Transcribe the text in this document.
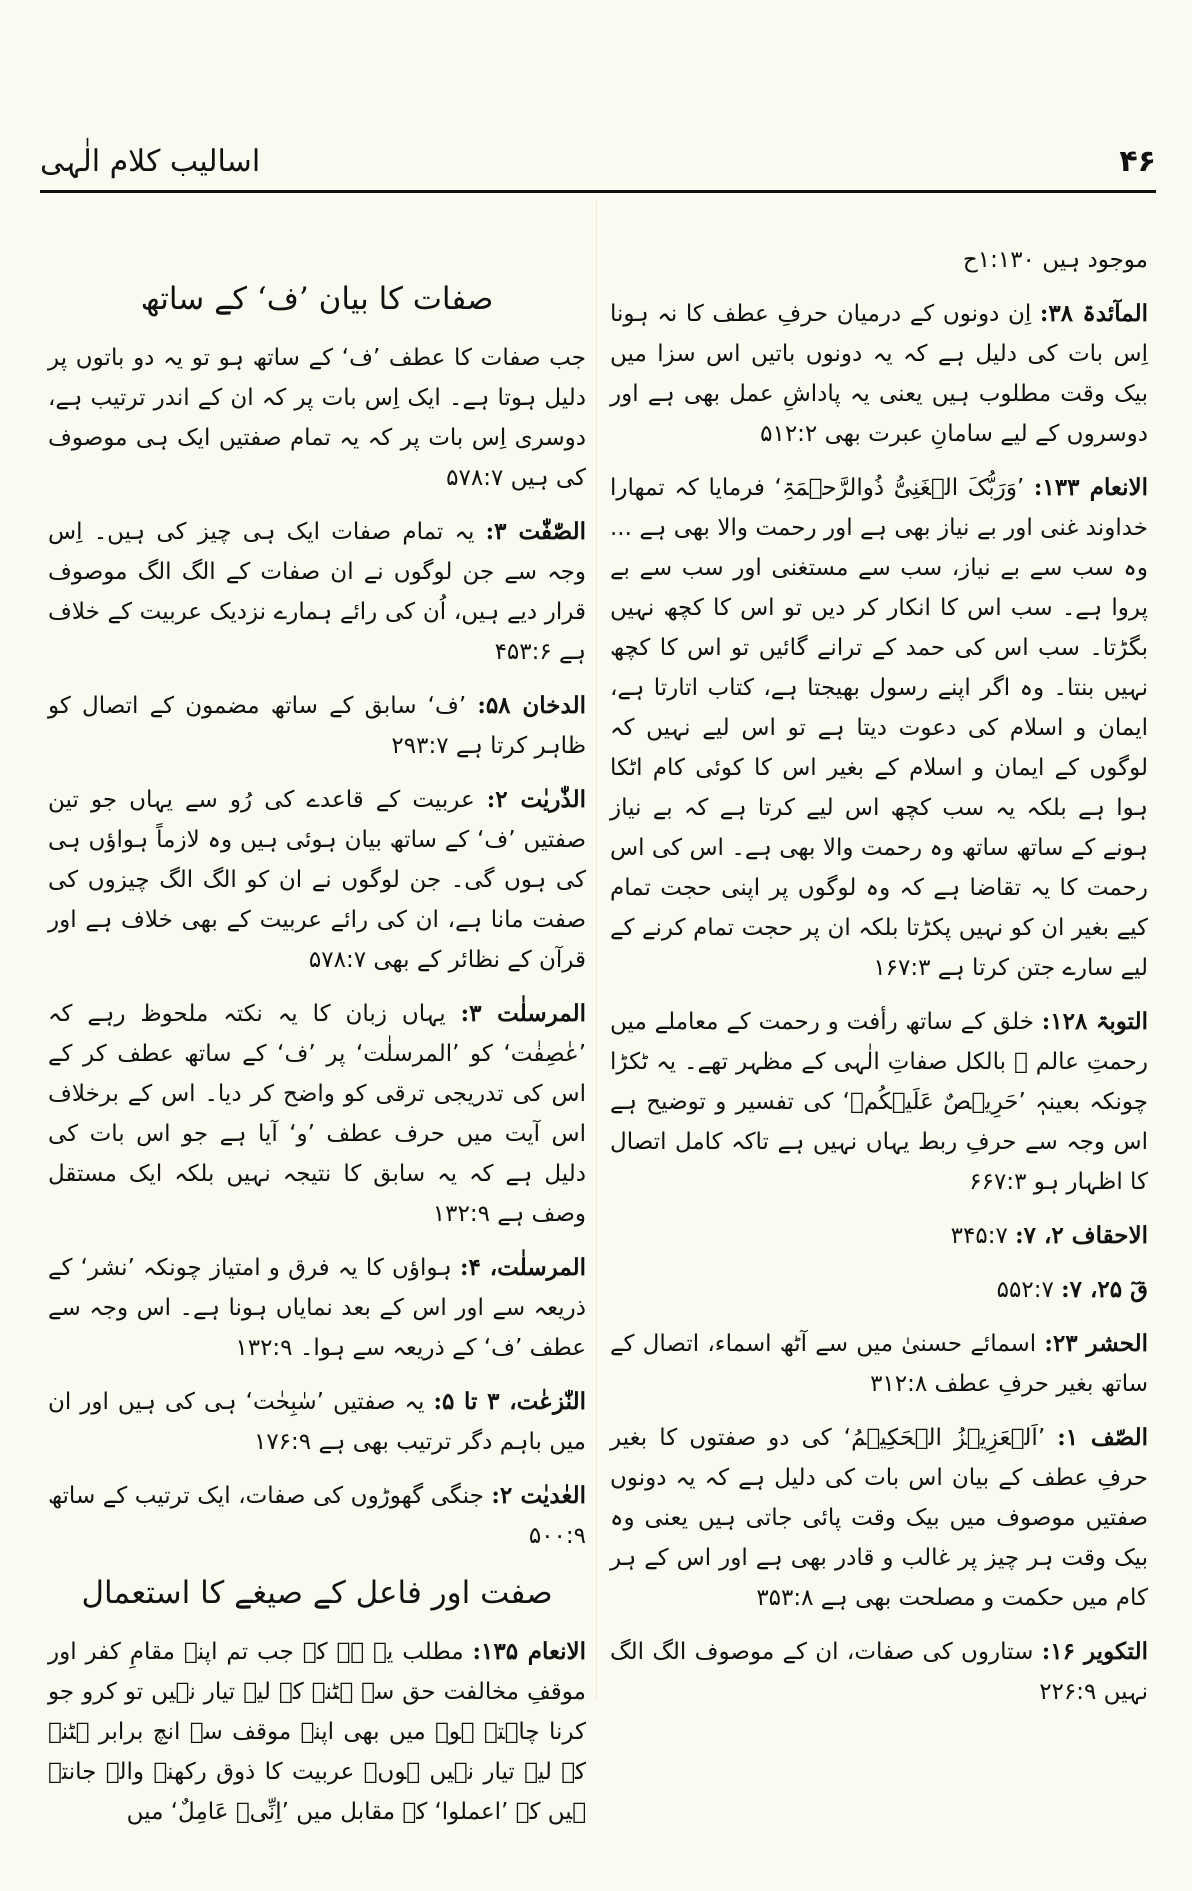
اسالیب کلام الٰہی	۴۶

موجود ہیں ۱:۱۳۰ح

المآئدۃ ۳۸: اِن دونوں کے درمیان حرفِ عطف کا نہ ہونا اِس بات کی دلیل ہے کہ یہ دونوں باتیں اس سزا میں بیک وقت مطلوب ہیں یعنی یہ پاداشِ عمل بھی ہے اور دوسروں کے لیے سامانِ عبرت بھی ۵۱۲:۲

الانعام ۱۳۳: ’وَرَبُّکَ الۡغَنِیُّ ذُوالرَّحۡمَۃِ‘ فرمایا کہ تمھارا خداوند غنی اور بے نیاز بھی ہے اور رحمت والا بھی ہے ... وہ سب سے بے نیاز، سب سے مستغنی اور سب سے بے پروا ہے۔ سب اس کا انکار کر دیں تو اس کا کچھ نہیں بگڑتا۔ سب اس کی حمد کے ترانے گائیں تو اس کا کچھ نہیں بنتا۔ وہ اگر اپنے رسول بھیجتا ہے، کتاب اتارتا ہے، ایمان و اسلام کی دعوت دیتا ہے تو اس لیے نہیں کہ لوگوں کے ایمان و اسلام کے بغیر اس کا کوئی کام اٹکا ہوا ہے بلکہ یہ سب کچھ اس لیے کرتا ہے کہ بے نیاز ہونے کے ساتھ ساتھ وہ رحمت والا بھی ہے۔ اس کی اس رحمت کا یہ تقاضا ہے کہ وہ لوگوں پر اپنی حجت تمام کیے بغیر ان کو نہیں پکڑتا بلکہ ان پر حجت تمام کرنے کے لیے سارے جتن کرتا ہے ۱۶۷:۳

التوبۃ ۱۲۸: خلق کے ساتھ رأفت و رحمت کے معاملے میں رحمتِ عالم ﷺ بالکل صفاتِ الٰہی کے مظہر تھے۔ یہ ٹکڑا چونکہ بعینہٖ ’حَرِیۡصٌ عَلَیۡکُمۡ‘ کی تفسیر و توضیح ہے اس وجہ سے حرفِ ربط یہاں نہیں ہے تاکہ کامل اتصال کا اظہار ہو ۶۶۷:۳

الاحقاف ۲، ۷: ۳۴۵:۷

قٓ ۲۵، ۷: ۵۵۲:۷

الحشر ۲۳: اسمائے حسنیٰ میں سے آٹھ اسماء، اتصال کے ساتھ بغیر حرفِ عطف ۳۱۲:۸

الصّف ۱: ’اَلۡعَزِیۡزُ الۡحَکِیۡمُ‘ کی دو صفتوں کا بغیر حرفِ عطف کے بیان اس بات کی دلیل ہے کہ یہ دونوں صفتیں موصوف میں بیک وقت پائی جاتی ہیں یعنی وہ بیک وقت ہر چیز پر غالب و قادر بھی ہے اور اس کے ہر کام میں حکمت و مصلحت بھی ہے ۳۵۳:۸

التکویر ۱۶: ستاروں کی صفات، ان کے موصوف الگ الگ نہیں ۲۲۶:۹

صفات کا بیان ’ف‘ کے ساتھ

جب صفات کا عطف ’ف‘ کے ساتھ ہو تو یہ دو باتوں پر دلیل ہوتا ہے۔ ایک اِس بات پر کہ ان کے اندر ترتیب ہے، دوسری اِس بات پر کہ یہ تمام صفتیں ایک ہی موصوف کی ہیں ۵۷۸:۷

الصّٰفّٰت ۳: یہ تمام صفات ایک ہی چیز کی ہیں۔ اِس وجہ سے جن لوگوں نے ان صفات کے الگ الگ موصوف قرار دیے ہیں، اُن کی رائے ہمارے نزدیک عربیت کے خلاف ہے ۴۵۳:۶

الدخان ۵۸: ’ف‘ سابق کے ساتھ مضمون کے اتصال کو ظاہر کرتا ہے ۲۹۳:۷

الذّٰریٰت ۲: عربیت کے قاعدے کی رُو سے یہاں جو تین صفتیں ’ف‘ کے ساتھ بیان ہوئی ہیں وہ لازماً ہواؤں ہی کی ہوں گی۔ جن لوگوں نے ان کو الگ الگ چیزوں کی صفت مانا ہے، ان کی رائے عربیت کے بھی خلاف ہے اور قرآن کے نظائر کے بھی ۵۷۸:۷

المرسلٰت ۳: یہاں زبان کا یہ نکتہ ملحوظ رہے کہ ’عٰصِفٰت‘ کو ’المرسلٰت‘ پر ’ف‘ کے ساتھ عطف کر کے اس کی تدریجی ترقی کو واضح کر دیا۔ اس کے برخلاف اس آیت میں حرف عطف ’و‘ آیا ہے جو اس بات کی دلیل ہے کہ یہ سابق کا نتیجہ نہیں بلکہ ایک مستقل وصف ہے ۱۳۲:۹

المرسلٰت، ۴: ہواؤں کا یہ فرق و امتیاز چونکہ ’نشر‘ کے ذریعہ سے اور اس کے بعد نمایاں ہونا ہے۔ اس وجہ سے عطف ’ف‘ کے ذریعہ سے ہوا۔ ۱۳۲:۹

النّٰزعٰت، ۳ تا ۵: یہ صفتیں ’سٰبِحٰت‘ ہی کی ہیں اور ان میں باہم دگر ترتیب بھی ہے ۱۷۶:۹

العٰدیٰت ۲: جنگی گھوڑوں کی صفات، ایک ترتیب کے ساتھ ۵۰۰:۹

صفت اور فاعل کے صیغے کا استعمال

الانعام ۱۳۵: مطلب یہ ہے کہ جب تم اپنے مقامِ کفر اور موقفِ مخالفت حق سے ہٹنے کے لیے تیار نہیں تو کرو جو کرنا چاہتے ہو۔ میں بھی اپنے موقف سے انچ برابر ہٹنے کے لیے تیار نہیں ہوں۔ عربیت کا ذوق رکھنے والے جانتے ہیں کہ ’اعملوا‘ کے مقابل میں ’اِنِّیۡ عَامِلٌ‘ میں
